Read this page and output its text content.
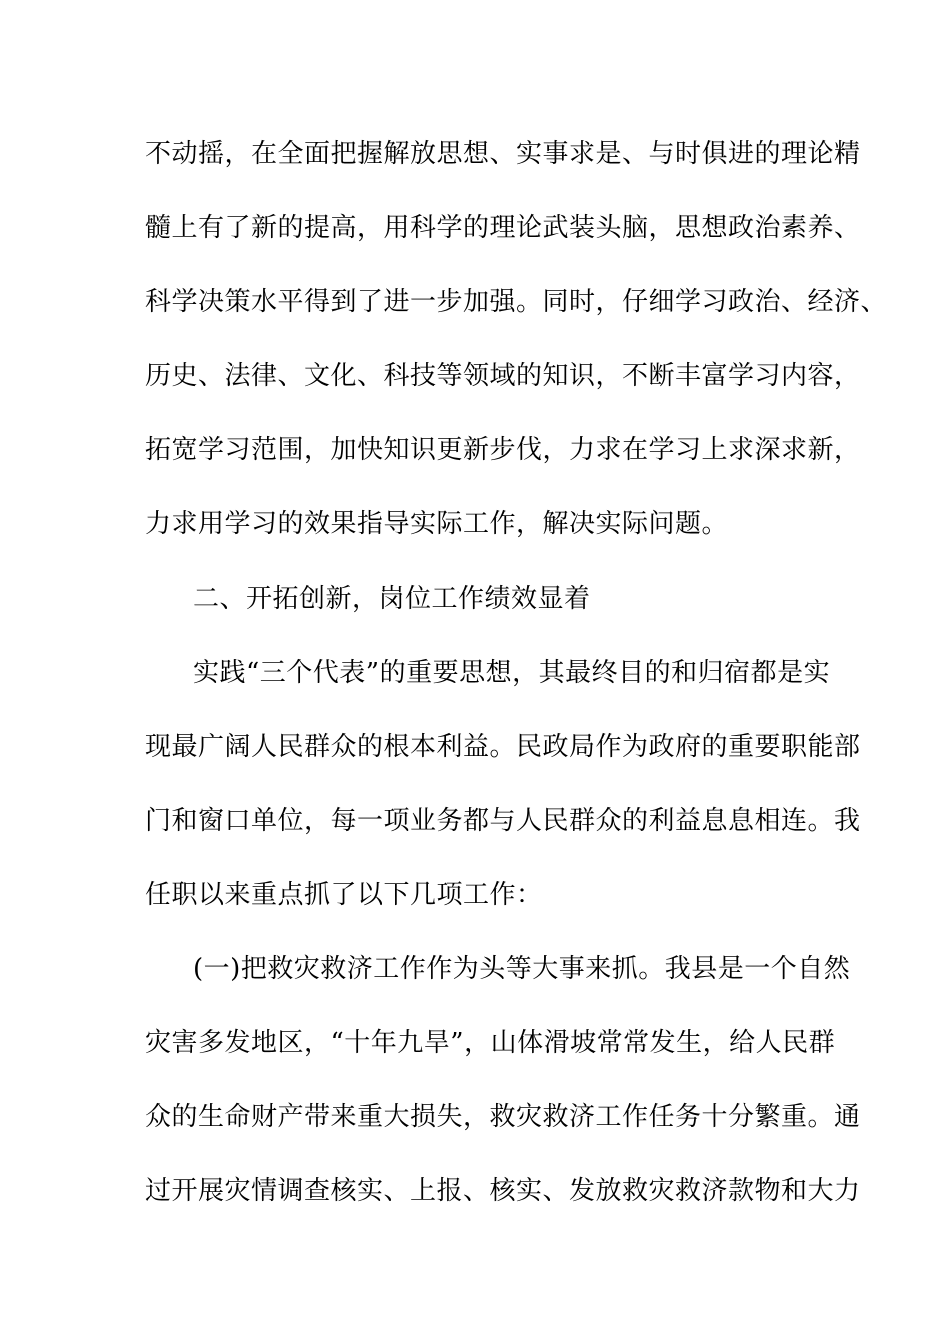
不动摇，在全面把握解放思想、实事求是、与时俱进的理论精
髓上有了新的提高，用科学的理论武装头脑，思想政治素养、
科学决策水平得到了进一步加强。同时，仔细学习政治、经济、
历史、法律、文化、科技等领域的知识，不断丰富学习内容，
拓宽学习范围，加快知识更新步伐，力求在学习上求深求新，
力求用学习的效果指导实际工作，解决实际问题。
二、开拓创新，岗位工作绩效显着
实践“三个代表”的重要思想，其最终目的和归宿都是实
现最广阔人民群众的根本利益。民政局作为政府的重要职能部
门和窗口单位，每一项业务都与人民群众的利益息息相连。我
任职以来重点抓了以下几项工作：
(一)把救灾救济工作作为头等大事来抓。我县是一个自然
灾害多发地区，“十年九旱”，山体滑坡常常发生，给人民群
众的生命财产带来重大损失，救灾救济工作任务十分繁重。通
过开展灾情调查核实、上报、核实、发放救灾救济款物和大力
